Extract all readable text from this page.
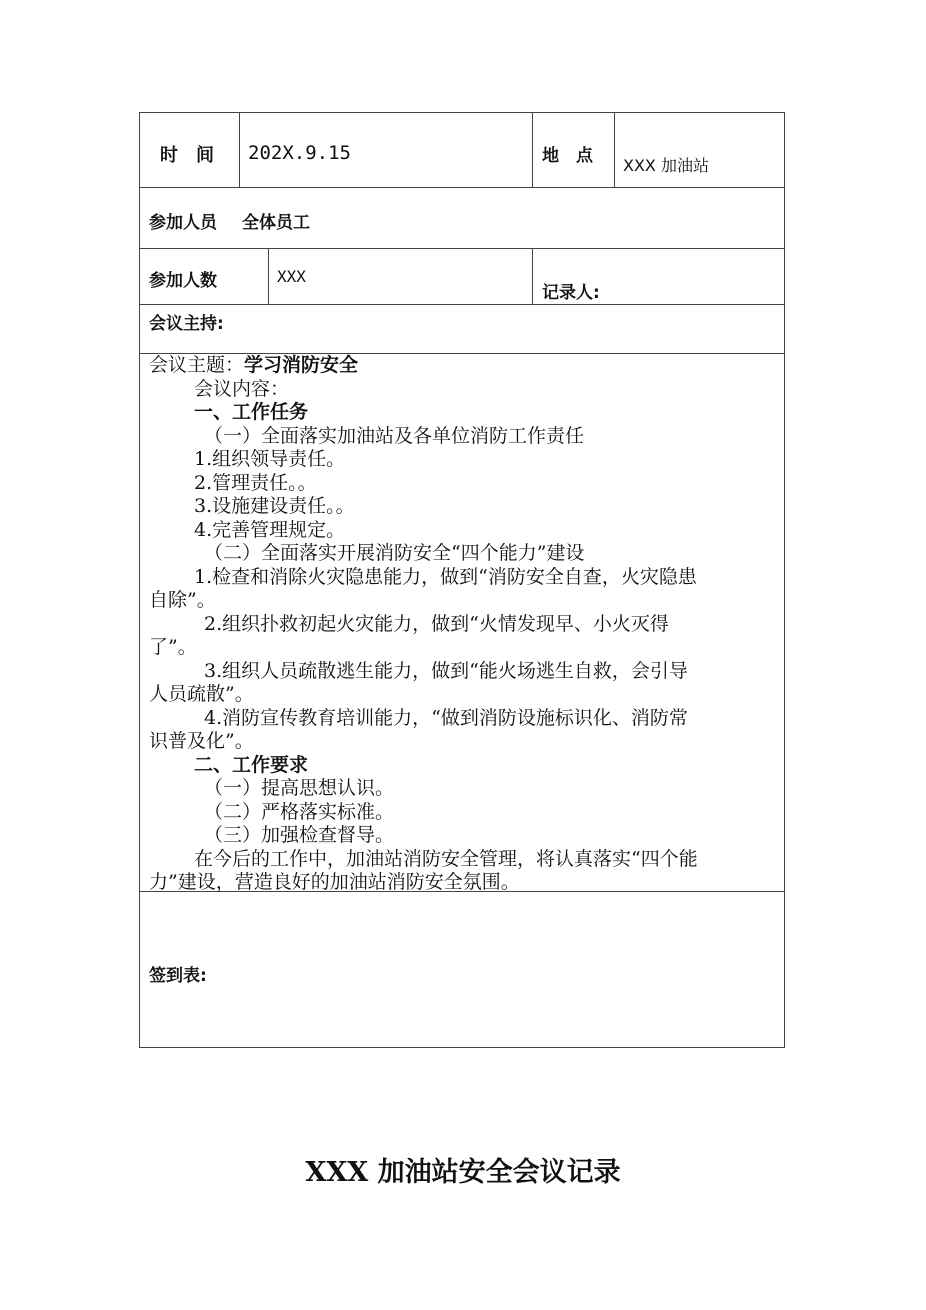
时　间 202X.9.15	地　点 XXX 加油站
参加人员 全体员工
参加人数	XXX
记录人:
会议主持:
会议主题：学习消防安全
会议内容：
一、工作任务
（一）全面落实加油站及各单位消防工作责任
1.组织领导责任。
2.管理责任。。
3.设施建设责任。。
4.完善管理规定。
（二）全面落实开展消防安全“四个能力”建设
1.检查和消除火灾隐患能力，做到“消防安全自查，火灾隐患
自除”。
2.组织扑救初起火灾能力，做到“火情发现早、小火灭得
了”。
3.组织人员疏散逃生能力，做到“能火场逃生自救，会引导
人员疏散”。
4.消防宣传教育培训能力，“做到消防设施标识化、消防常
识普及化”。
二、工作要求
（一）提高思想认识。
（二）严格落实标准。
（三）加强检查督导。
在今后的工作中，加油站消防安全管理，将认真落实“四个能
力”建设，营造良好的加油站消防安全氛围。
签到表:
XXX 加油站安全会议记录
